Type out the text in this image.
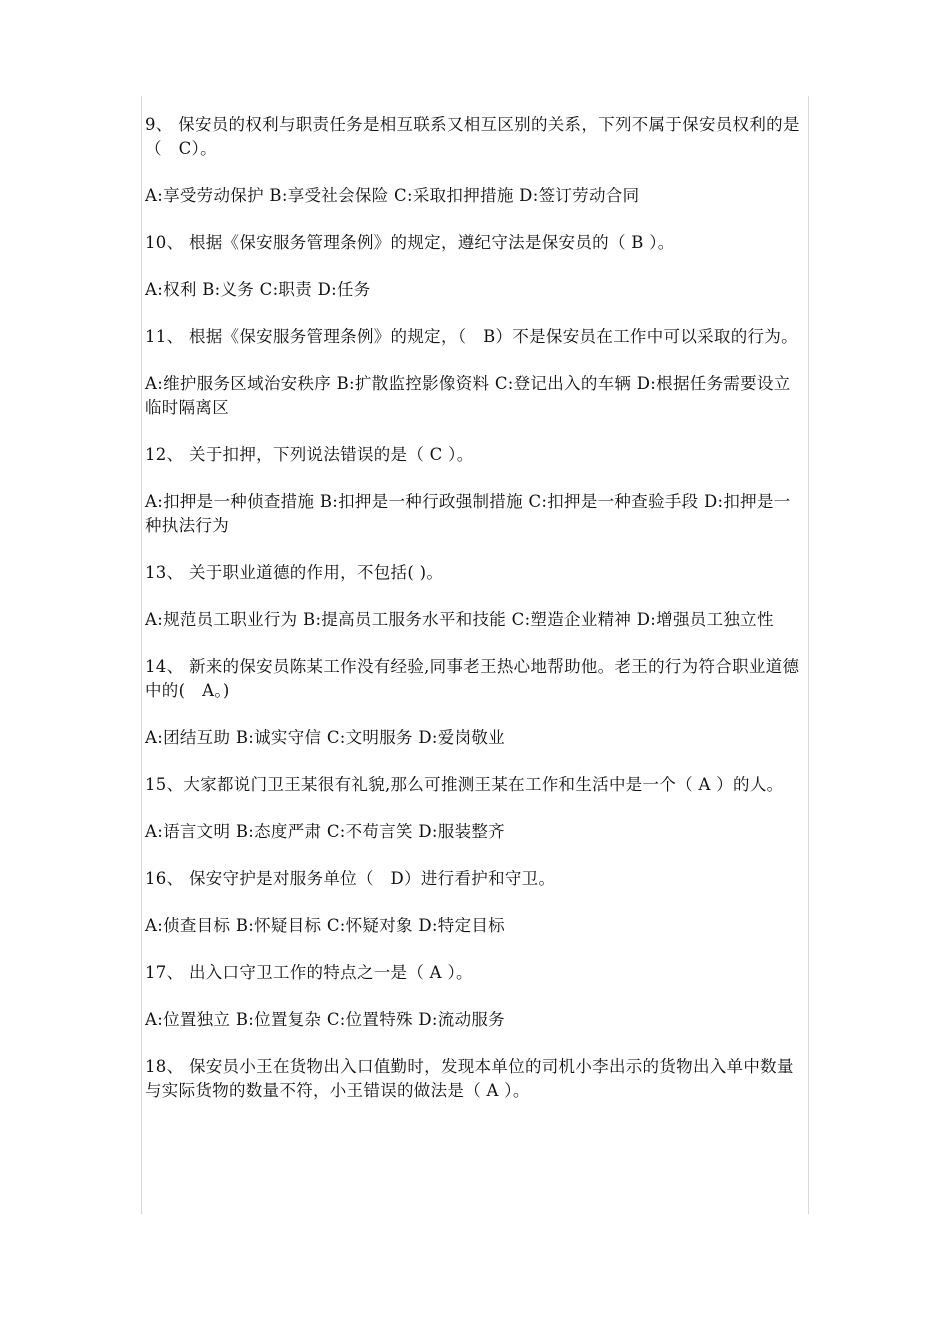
9、 保安员的权利与职责任务是相互联系又相互区别的关系，下列不属于保安员权利的是（　C）。

A:享受劳动保护 B:享受社会保险 C:采取扣押措施 D:签订劳动合同

10、 根据《保安服务管理条例》的规定，遵纪守法是保安员的（ B ）。

A:权利 B:义务 C:职责 D:任务

11、 根据《保安服务管理条例》的规定，（　B）不是保安员在工作中可以采取的行为。

A:维护服务区域治安秩序 B:扩散监控影像资料 C:登记出入的车辆 D:根据任务需要设立临时隔离区

12、 关于扣押，下列说法错误的是（ C ）。

A:扣押是一种侦查措施 B:扣押是一种行政强制措施 C:扣押是一种查验手段 D:扣押是一种执法行为

13、 关于职业道德的作用，不包括( )。

A:规范员工职业行为 B:提高员工服务水平和技能 C:塑造企业精神 D:增强员工独立性

14、 新来的保安员陈某工作没有经验,同事老王热心地帮助他。老王的行为符合职业道德中的(　A。)

A:团结互助 B:诚实守信 C:文明服务 D:爱岗敬业

15、大家都说门卫王某很有礼貌,那么可推测王某在工作和生活中是一个（ A ）的人。

A:语言文明 B:态度严肃 C:不苟言笑 D:服装整齐

16、 保安守护是对服务单位（　D）进行看护和守卫。

A:侦查目标 B:怀疑目标 C:怀疑对象 D:特定目标

17、 出入口守卫工作的特点之一是（ A ）。

A:位置独立 B:位置复杂 C:位置特殊 D:流动服务

18、 保安员小王在货物出入口值勤时，发现本单位的司机小李出示的货物出入单中数量与实际货物的数量不符，小王错误的做法是（ A ）。
